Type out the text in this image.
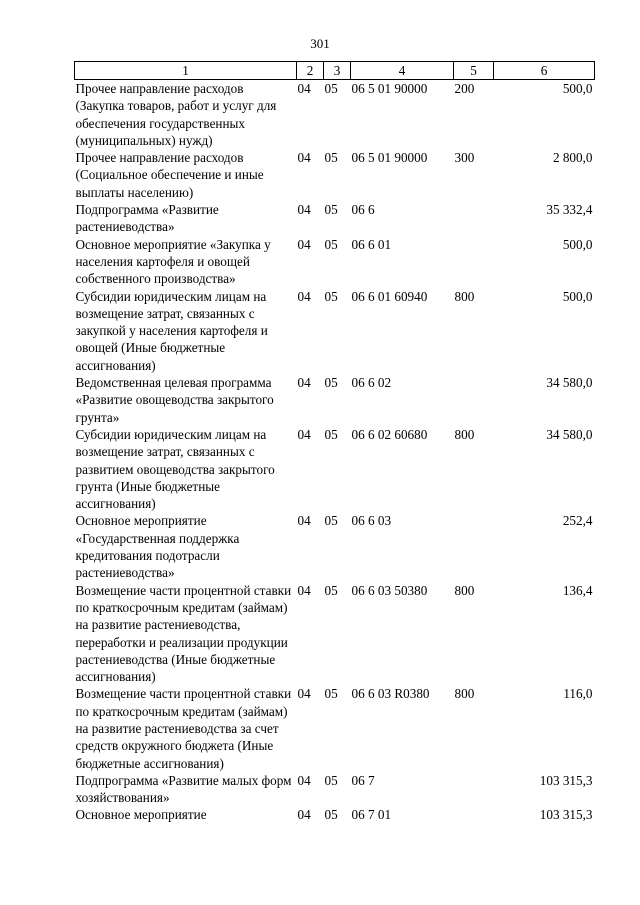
301
1	2	3	4	5	6
Прочее направление расходов (Закупка товаров, работ и услуг для обеспечения государственных (муниципальных) нужд)	04	05	06 5 01 90000	200	500,0
Прочее направление расходов (Социальное обеспечение и иные выплаты населению)	04	05	06 5 01 90000	300	2 800,0
Подпрограмма «Развитие растениеводства»	04	05	06 6		35 332,4
Основное мероприятие «Закупка у населения картофеля и овощей собственного производства»	04	05	06 6 01		500,0
Субсидии юридическим лицам на возмещение затрат, связанных с закупкой у населения картофеля и овощей (Иные бюджетные ассигнования)	04	05	06 6 01 60940	800	500,0
Ведомственная целевая программа «Развитие овощеводства закрытого грунта»	04	05	06 6 02		34 580,0
Субсидии юридическим лицам на возмещение затрат, связанных с развитием овощеводства закрытого грунта (Иные бюджетные ассигнования)	04	05	06 6 02 60680	800	34 580,0
Основное мероприятие «Государственная поддержка кредитования подотрасли растениеводства»	04	05	06 6 03		252,4
Возмещение части процентной ставки по краткосрочным кредитам (займам) на развитие растениеводства, переработки и реализации продукции растениеводства (Иные бюджетные ассигнования)	04	05	06 6 03 50380	800	136,4
Возмещение части процентной ставки по краткосрочным кредитам (займам) на развитие растениеводства за счет средств окружного бюджета (Иные бюджетные ассигнования)	04	05	06 6 03 R0380	800	116,0
Подпрограмма «Развитие малых форм хозяйствования»	04	05	06 7		103 315,3
Основное мероприятие	04	05	06 7 01		103 315,3
